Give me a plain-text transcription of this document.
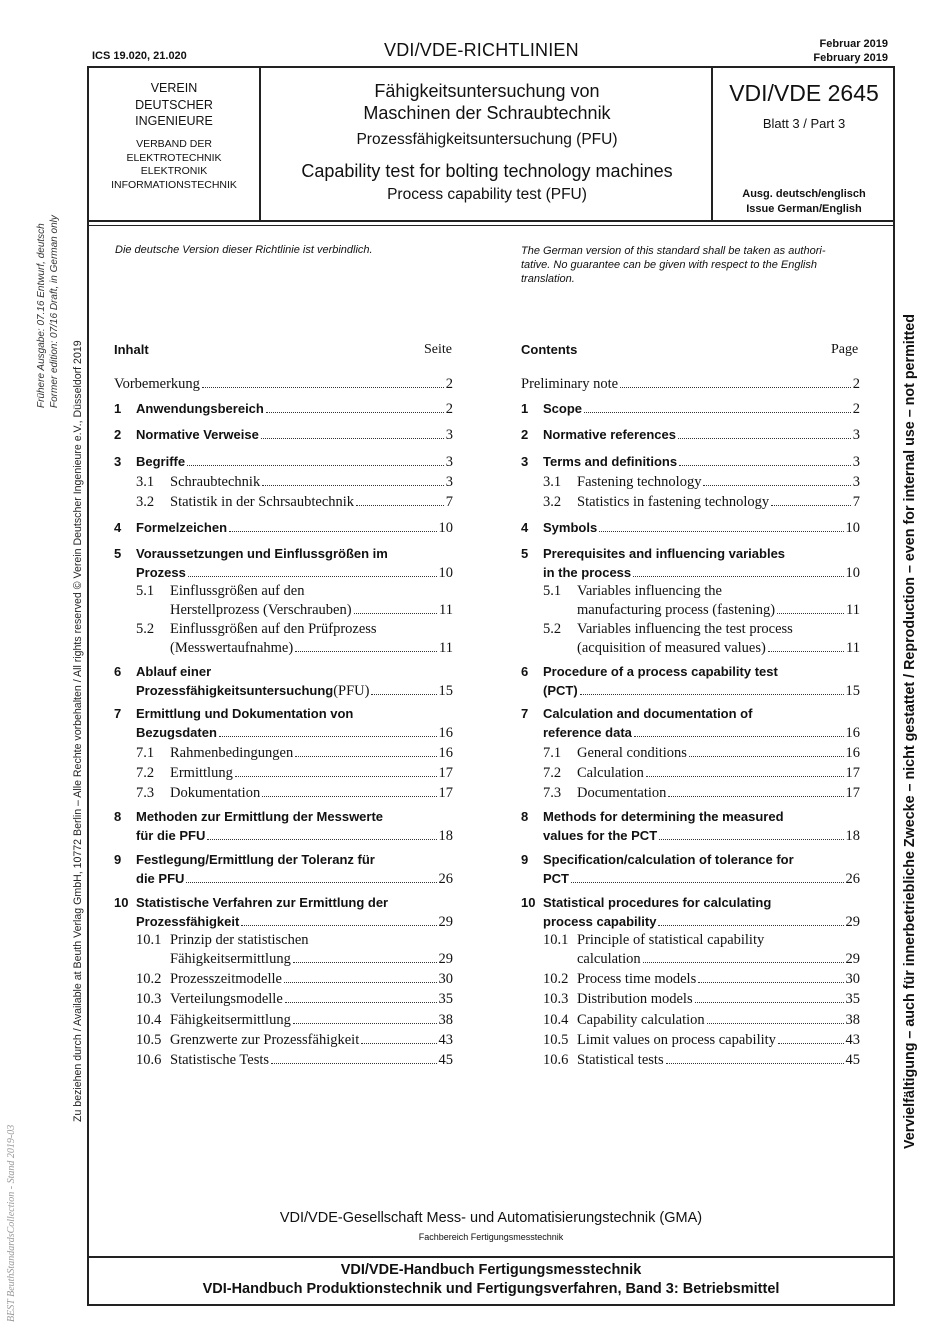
ICS 19.020, 21.020	VDI/VDE-RICHTLINIEN	Februar 2019
February 2019
VEREIN
DEUTSCHER
INGENIEURE
VERBAND DER
ELEKTROTECHNIK
ELEKTRONIK
INFORMATIONSTECHNIK
Fähigkeitsuntersuchung von
Maschinen der Schraubtechnik
Prozessfähigkeitsuntersuchung (PFU)
Capability test for bolting technology machines
Process capability test (PFU)
VDI/VDE 2645
Blatt 3 / Part 3
Ausg. deutsch/englisch
Issue German/English
Die deutsche Version dieser Richtlinie ist verbindlich.	The German version of this standard shall be taken as authori-
tative. No guarantee can be given with respect to the English
translation.
Inhalt	Seite	Contents	Page
Vorbemerkung	2
1 Anwendungsbereich	2
2 Normative Verweise	3
3 Begriffe	3
3.1 Schraubtechnik	3
3.2 Statistik in der Schrsaubtechnik	7
4 Formelzeichen	10
5 Voraussetzungen und Einflussgrößen im
Prozess	10
5.1 Einflussgrößen auf den
Herstellprozess (Verschrauben)	11
5.2 Einflussgrößen auf den Prüfprozess
(Messwertaufnahme)	11
6 Ablauf einer
Prozessfähigkeitsuntersuchung (PFU)	15
7 Ermittlung und Dokumentation von
Bezugsdaten	16
7.1 Rahmenbedingungen	16
7.2 Ermittlung	17
7.3 Dokumentation	17
8 Methoden zur Ermittlung der Messwerte
für die PFU	18
9 Festlegung/Ermittlung der Toleranz für
die PFU	26
10 Statistische Verfahren zur Ermittlung der
Prozessfähigkeit	29
10.1 Prinzip der statistischen
Fähigkeitsermittlung	29
10.2 Prozesszeitmodelle	30
10.3 Verteilungsmodelle	35
10.4 Fähigkeitsermittlung	38
10.5 Grenzwerte zur Prozessfähigkeit	43
10.6 Statistische Tests	45
Preliminary note	2
1 Scope	2
2 Normative references	3
3 Terms and definitions	3
3.1 Fastening technology	3
3.2 Statistics in fastening technology	7
4 Symbols	10
5 Prerequisites and influencing variables
in the process	10
5.1 Variables influencing the
manufacturing process (fastening)	11
5.2 Variables influencing the test process
(acquisition of measured values)	11
6 Procedure of a process capability test
(PCT)	15
7 Calculation and documentation of
reference data	16
7.1 General conditions	16
7.2 Calculation	17
7.3 Documentation	17
8 Methods for determining the measured
values for the PCT	18
9 Specification/calculation of tolerance for
PCT	26
10 Statistical procedures for calculating
process capability	29
10.1 Principle of statistical capability
calculation	29
10.2 Process time models	30
10.3 Distribution models	35
10.4 Capability calculation	38
10.5 Limit values on process capability	43
10.6 Statistical tests	45
VDI/VDE-Gesellschaft Mess- und Automatisierungstechnik (GMA)
Fachbereich Fertigungsmesstechnik
VDI/VDE-Handbuch Fertigungsmesstechnik
VDI-Handbuch Produktionstechnik und Fertigungsverfahren, Band 3: Betriebsmittel
Frühere Ausgabe: 07.16 Entwurf, deutsch Former edition: 07/16 Draft, in German only
Zu beziehen durch / Available at Beuth Verlag GmbH, 10772 Berlin – Alle Rechte vorbehalten / All rights reserved © Verein Deutscher Ingenieure e.V., Düsseldorf 2019
BEST BeuthStandardsCollection - Stand 2019-03
Vervielfältigung – auch für innerbetriebliche Zwecke – nicht gestattet / Reproduction – even for internal use – not permitted
